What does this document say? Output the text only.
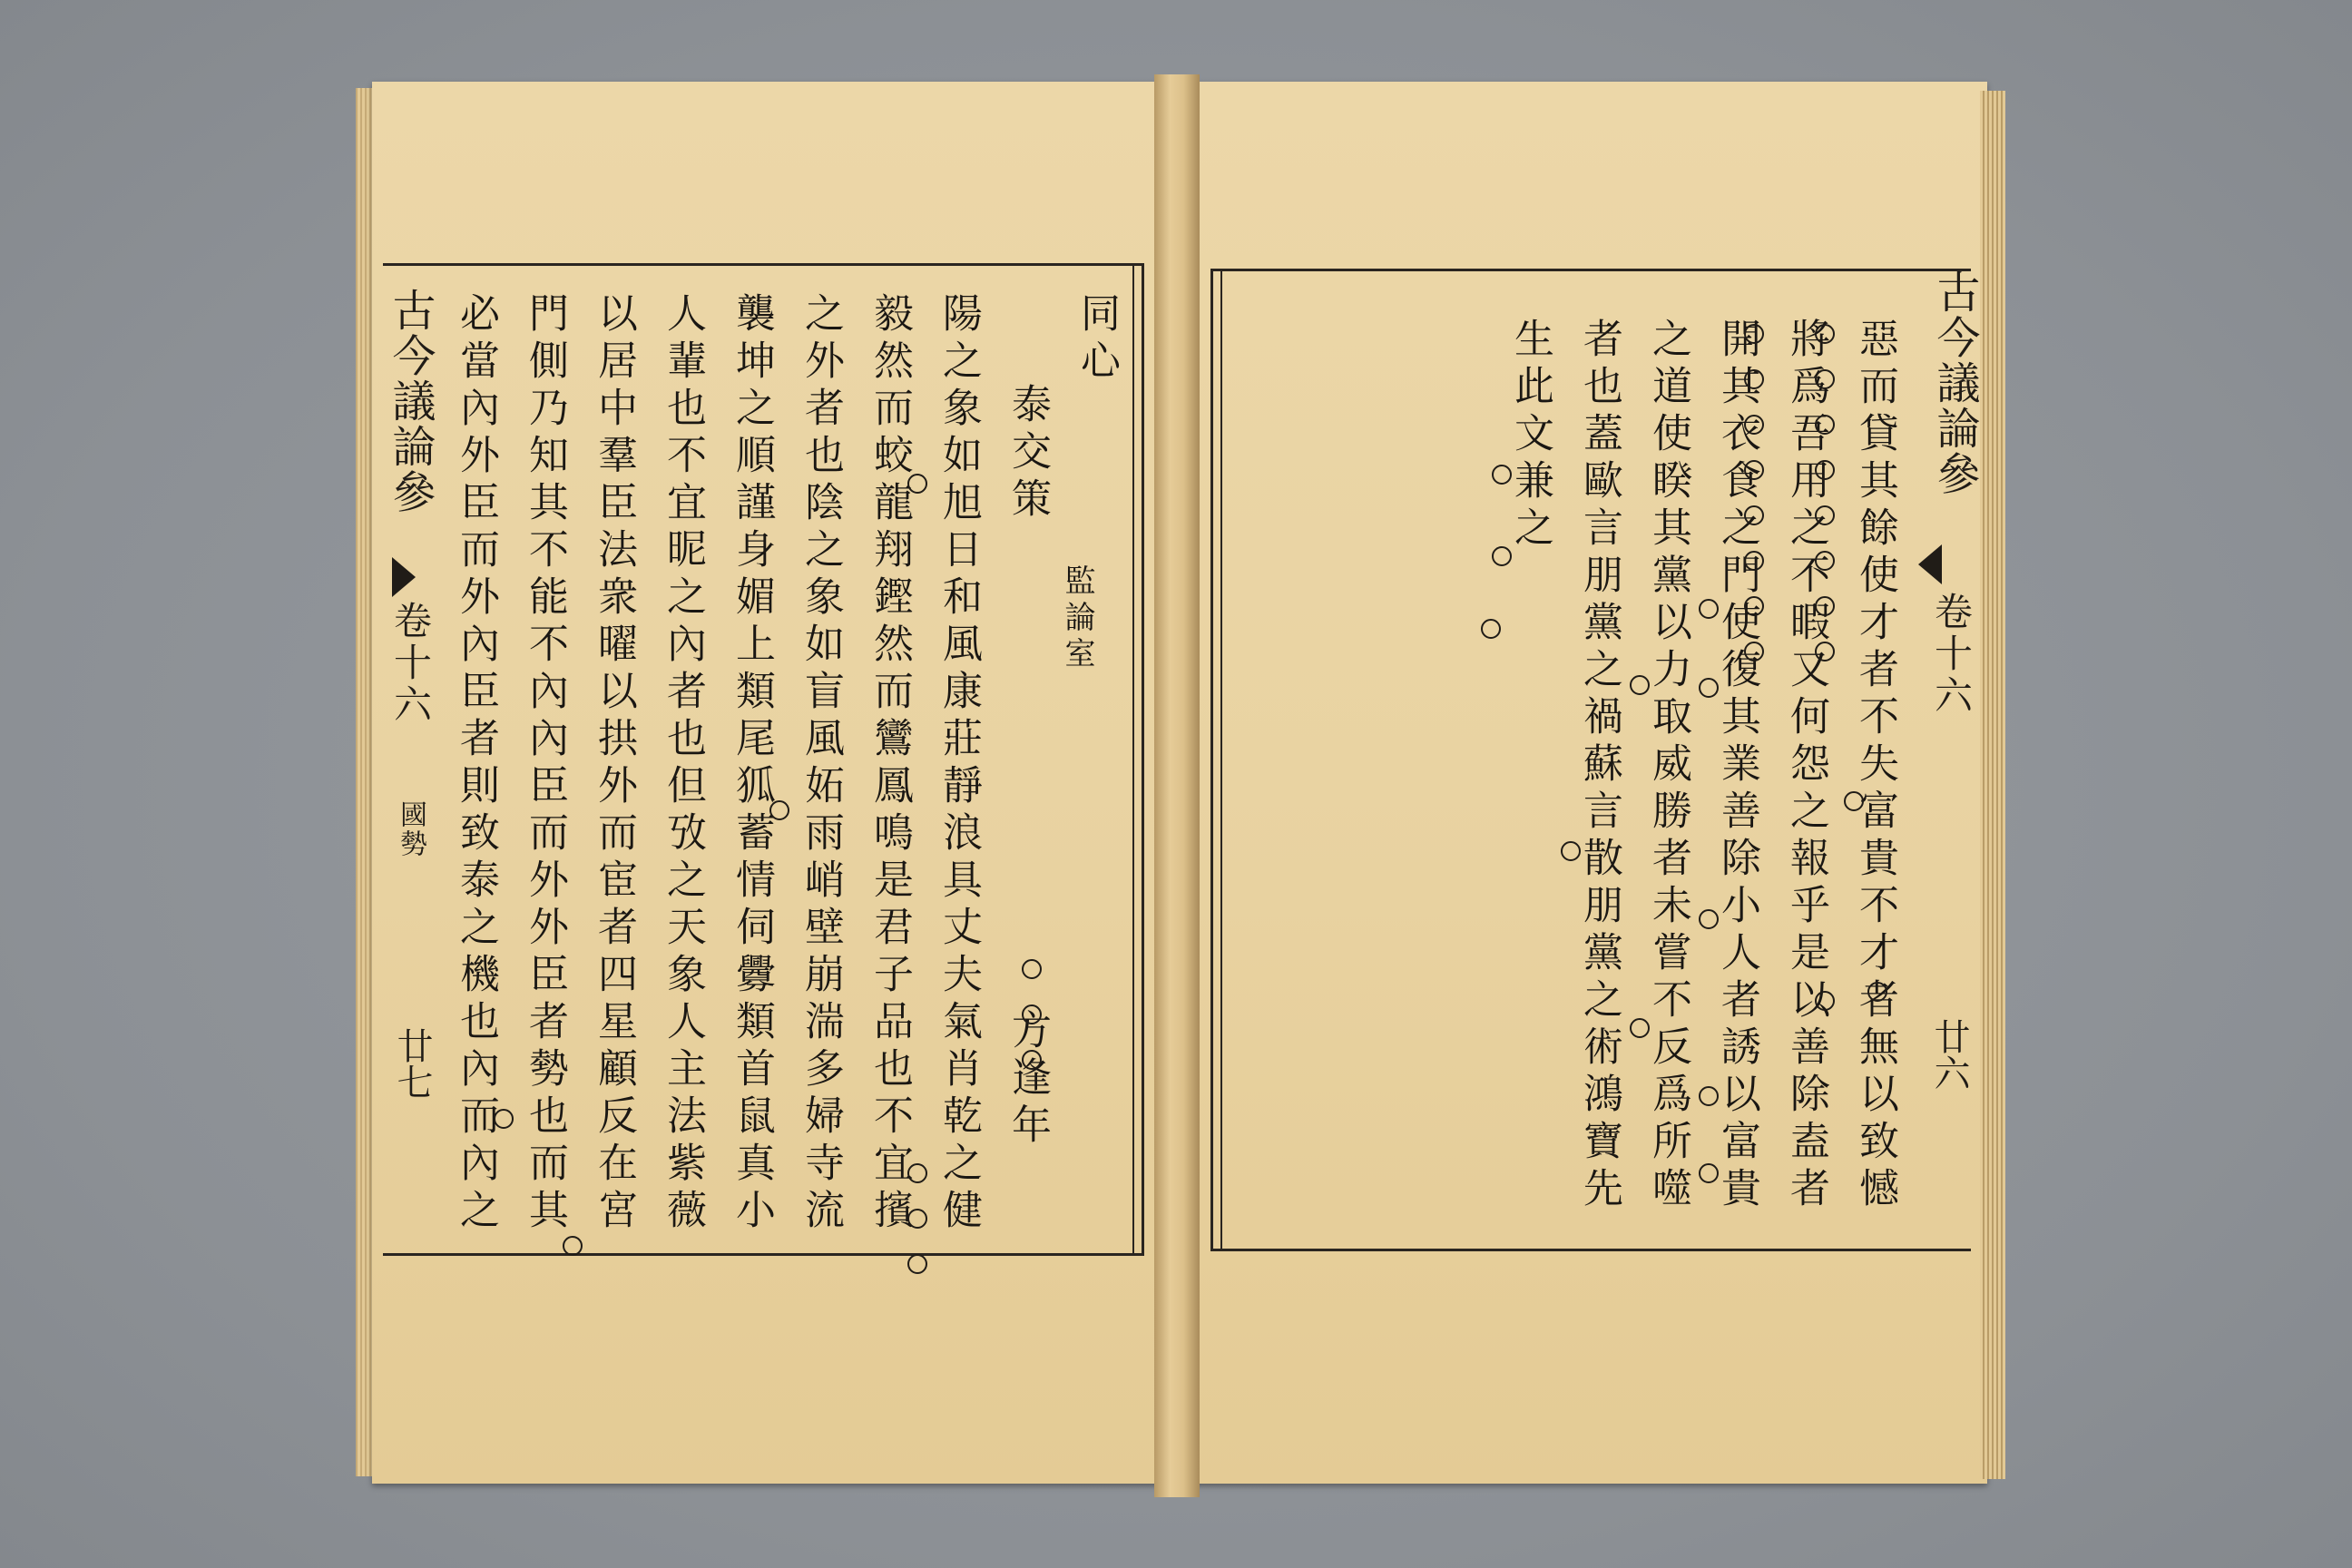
古今議論參
卷十六
國勢
廿七
同心
泰交策
監論室
方逢年
陽之象如旭日和風康莊靜浪具丈夫氣肖乾之健
毅然而蛟龍翔鏗然而鸞鳳鳴是君子品也不宜擯
之外者也陰之象如盲風妬雨峭壁崩湍多婦寺流
襲坤之順謹身媚上類尾狐蓄情伺釁類首鼠真小
人輩也不宜昵之內者也但攷之天象人主法紫薇
以居中羣臣法衆曜以拱外而宦者四星顧反在宮
門側乃知其不能不內內臣而外外臣者勢也而其
必當內外臣而外內臣者則致泰之機也內而內之	古今議論參
卷十六
廿六
惡而貸其餘使才者不失富貴不才者無以致憾
將爲吾用之不暇又何怨之報乎是以善除盍者
開其衣食之門使復其業善除小人者誘以富貴
之道使睽其黨以力取威勝者未嘗不反爲所噬
者也蓋歐言朋黨之禍蘇言散朋黨之術鴻寶先
生此文兼之
